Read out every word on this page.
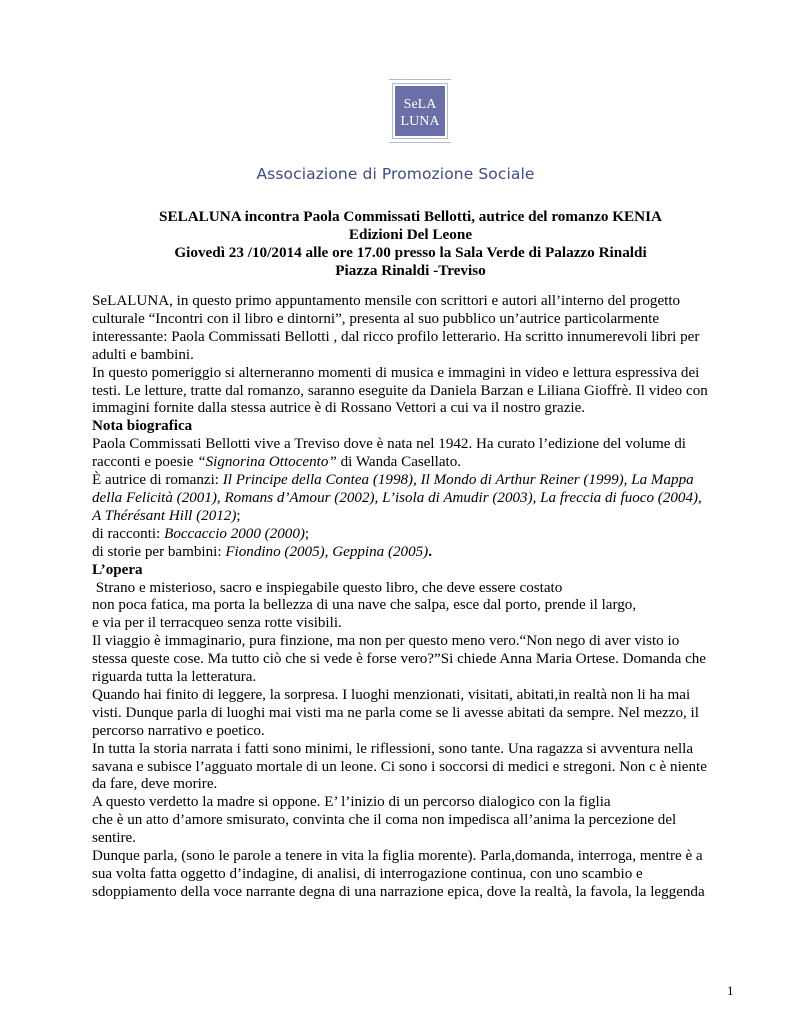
SeLA
LUNA
Associazione di Promozione Sociale
SELALUNA incontra Paola Commissati Bellotti, autrice del romanzo KENIA
Edizioni Del Leone
Giovedì 23 /10/2014 alle ore 17.00 presso la Sala Verde di Palazzo Rinaldi
Piazza Rinaldi -Treviso
SeLALUNA, in questo primo appuntamento mensile con scrittori e autori all’interno del progetto
culturale “Incontri con il libro e dintorni”, presenta al suo pubblico un’autrice particolarmente
interessante: Paola Commissati Bellotti , dal ricco profilo letterario. Ha scritto innumerevoli libri per
adulti e bambini.
In questo pomeriggio si alterneranno momenti di musica e immagini in video e lettura espressiva dei
testi. Le letture, tratte dal romanzo, saranno eseguite da Daniela Barzan e Liliana Gioffrè. Il video con
immagini fornite dalla stessa autrice è di Rossano Vettori a cui va il nostro grazie.
Nota biografica
Paola Commissati Bellotti vive a Treviso dove è nata nel 1942. Ha curato l’edizione del volume di
racconti e poesie “Signorina Ottocento” di Wanda Casellato.
È autrice di romanzi: Il Principe della Contea (1998), Il Mondo di Arthur Reiner (1999), La Mappa
della Felicità (2001), Romans d’Amour (2002), L’isola di Amudir (2003), La freccia di fuoco (2004),
A Thérésant Hill (2012);
di racconti: Boccaccio 2000 (2000);
di storie per bambini: Fiondino (2005), Geppina (2005).
L’opera
Strano e misterioso, sacro e inspiegabile questo libro, che deve essere costato
non poca fatica, ma porta la bellezza di una nave che salpa, esce dal porto, prende il largo,
e via per il terracqueo senza rotte visibili.
Il viaggio è immaginario, pura finzione, ma non per questo meno vero.“Non nego di aver visto io
stessa queste cose. Ma tutto ciò che si vede è forse vero?”Si chiede Anna Maria Ortese. Domanda che
riguarda tutta la letteratura.
Quando hai finito di leggere, la sorpresa. I luoghi menzionati, visitati, abitati,in realtà non li ha mai
visti. Dunque parla di luoghi mai visti ma ne parla come se li avesse abitati da sempre. Nel mezzo, il
percorso narrativo e poetico.
In tutta la storia narrata i fatti sono minimi, le riflessioni, sono tante. Una ragazza si avventura nella
savana e subisce l’agguato mortale di un leone. Ci sono i soccorsi di medici e stregoni. Non c è niente
da fare, deve morire.
A questo verdetto la madre si oppone. E’ l’inizio di un percorso dialogico con la figlia
che è un atto d’amore smisurato, convinta che il coma non impedisca all’anima la percezione del
sentire.
Dunque parla, (sono le parole a tenere in vita la figlia morente). Parla,domanda, interroga, mentre è a
sua volta fatta oggetto d’indagine, di analisi, di interrogazione continua, con uno scambio e
sdoppiamento della voce narrante degna di una narrazione epica, dove la realtà, la favola, la leggenda
1
